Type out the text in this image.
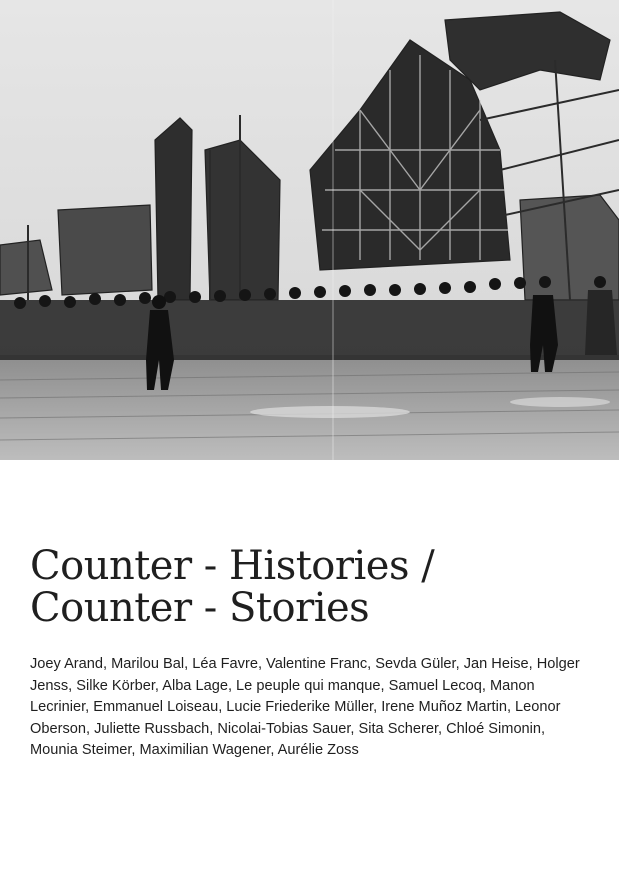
Counter - Histories /
Counter - Stories
Joey Arand, Marilou Bal, Léa Favre, Valentine Franc, Sevda Güler, Jan Heise, Holger Jenss, Silke Körber, Alba Lage, Le peuple qui manque, Samuel Lecoq, Manon Lecrinier, Emmanuel Loiseau, Lucie Friederike Müller, Irene Muñoz Martin, Leonor Oberson, Juliette Russbach, Nicolai-Tobias Sauer, Sita Scherer, Chloé Simonin, Mounia Steimer, Maximilian Wagener, Aurélie Zoss
